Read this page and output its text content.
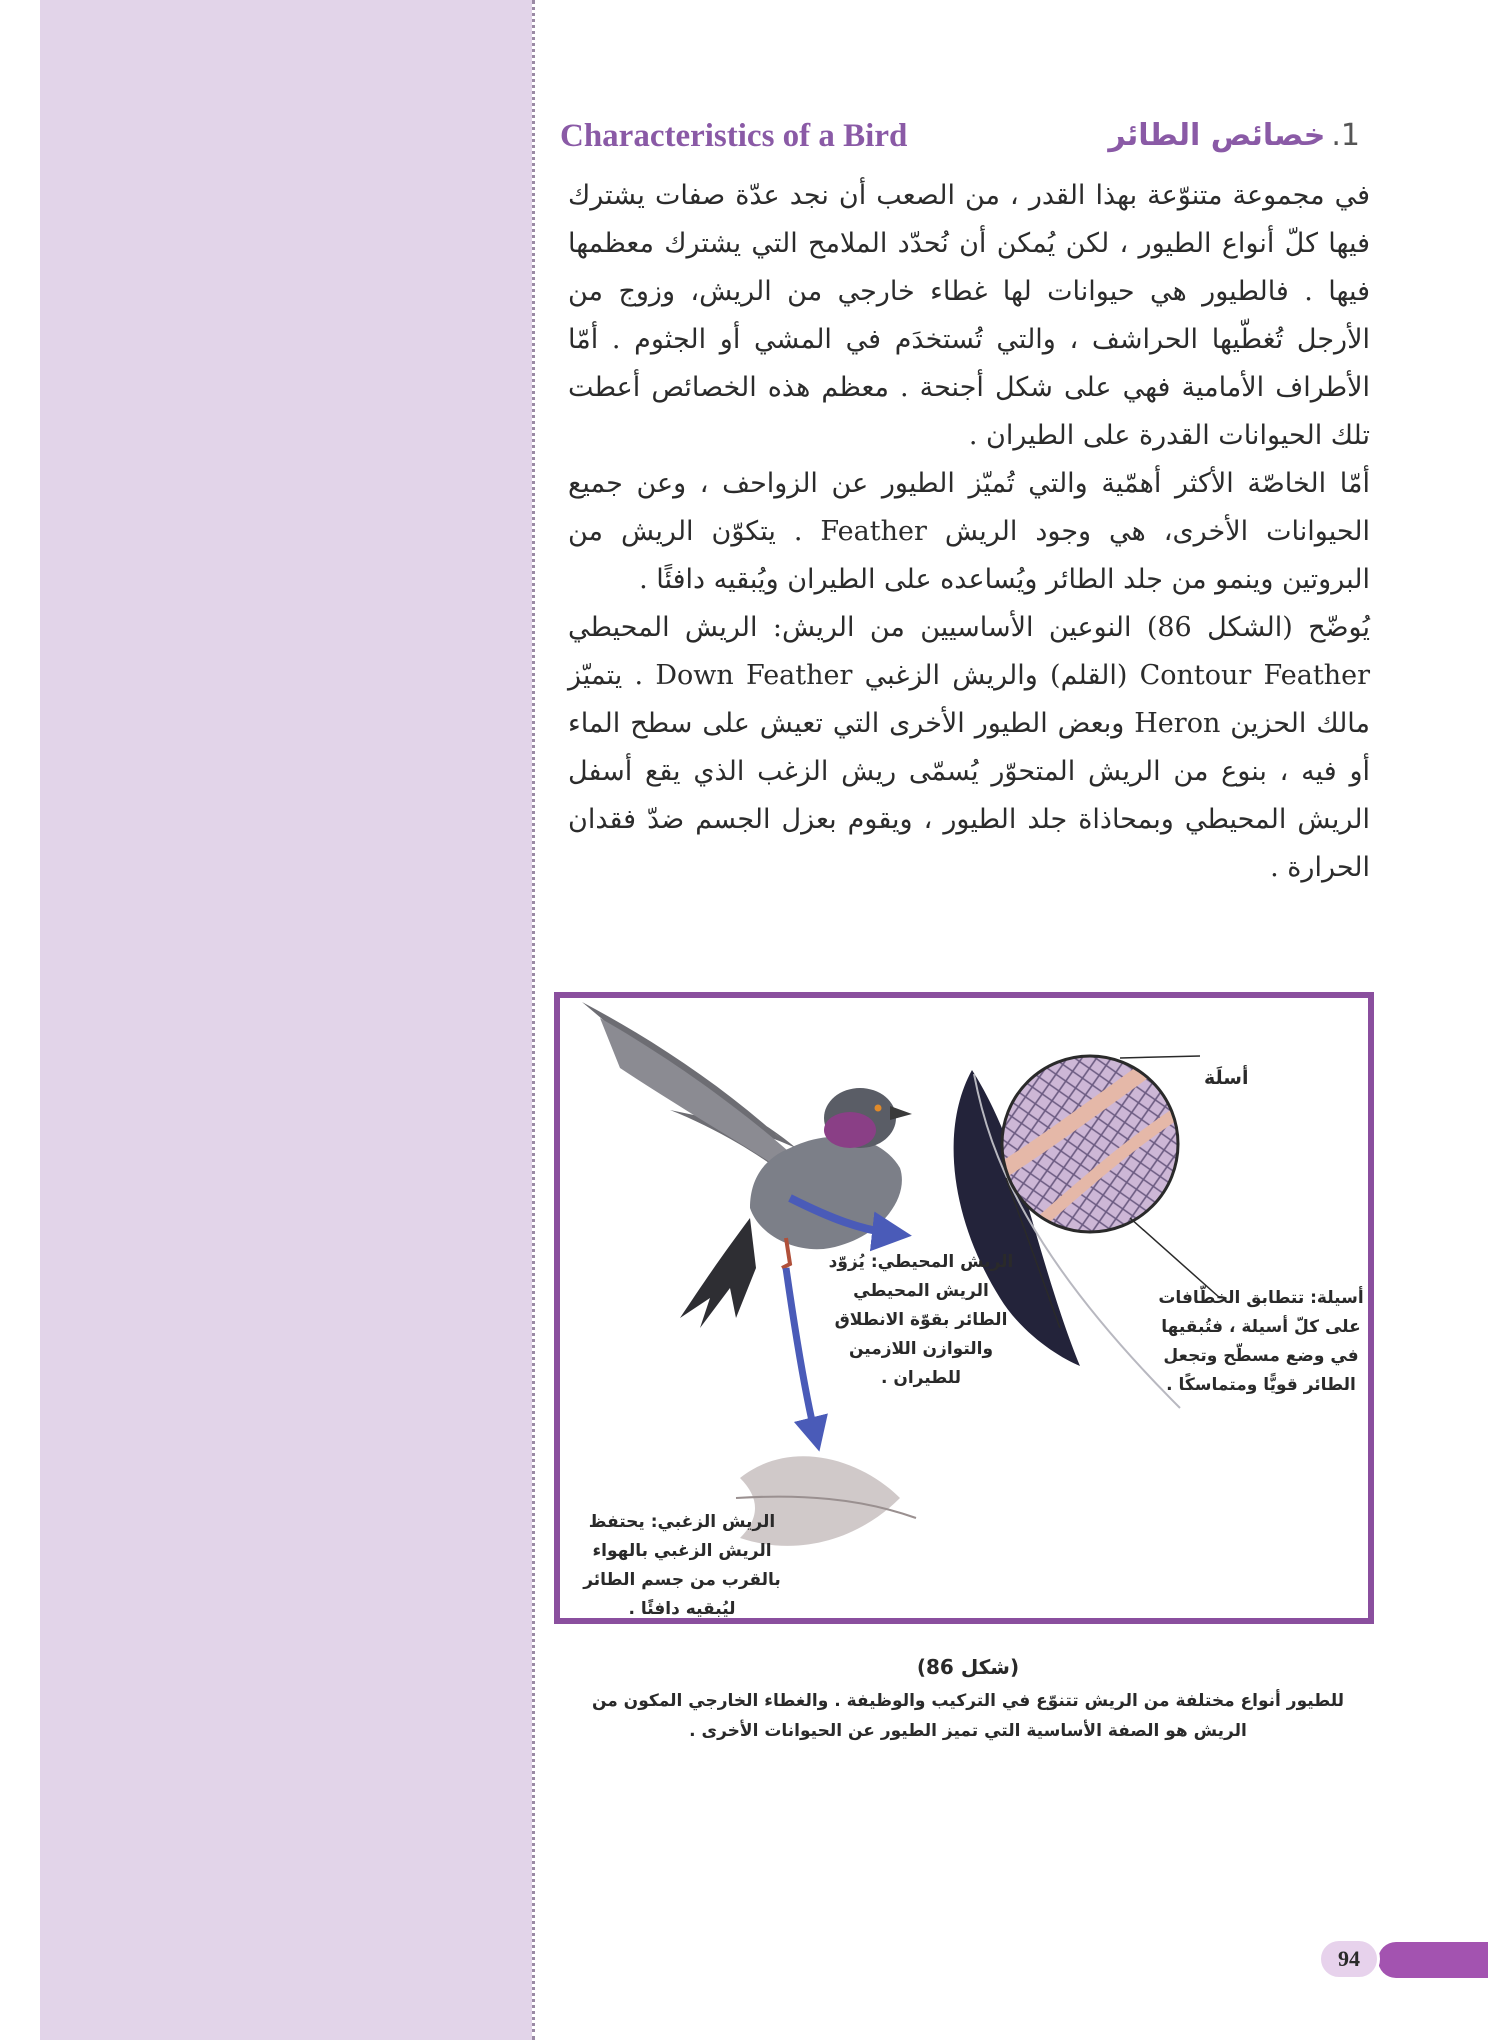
Characteristics of a Bird	1.خصائص الطائر

في مجموعة متنوّعة بهذا القدر ، من الصعب أن نجد عدّة صفات يشترك فيها كلّ أنواع الطيور ، لكن يُمكن أن نُحدّد الملامح التي يشترك معظمها فيها . فالطيور هي حيوانات لها غطاء خارجي من الريش، وزوج من الأرجل تُغطّيها الحراشف ، والتي تُستخدَم في المشي أو الجثوم . أمّا الأطراف الأمامية فهي على شكل أجنحة . معظم هذه الخصائص أعطت تلك الحيوانات القدرة على الطيران .

أمّا الخاصّة الأكثر أهمّية والتي تُميّز الطيور عن الزواحف ، وعن جميع الحيوانات الأخرى، هي وجود الريش Feather . يتكوّن الريش من البروتين وينمو من جلد الطائر ويُساعده على الطيران ويُبقيه دافئًا .

يُوضّح (الشكل 86) النوعين الأساسيين من الريش: الريش المحيطي Contour Feather (القلم) والريش الزغبي Down Feather . يتميّز مالك الحزين Heron وبعض الطيور الأخرى التي تعيش على سطح الماء أو فيه ، بنوع من الريش المتحوّر يُسمّى ريش الزغب الذي يقع أسفل الريش المحيطي وبمحاذاة جلد الطيور ، ويقوم بعزل الجسم ضدّ فقدان الحرارة .

أسلَة
الريش المحيطي: يُزوّد الريش المحيطي الطائر بقوّة الانطلاق والتوازن اللازمين للطيران .
أسيلة: تتطابق الخطّافات على كلّ أسيلة ، فتُبقيها في وضع مسطّح وتجعل الطائر قويًّا ومتماسكًا .
الريش الزغبي: يحتفظ الريش الزغبي بالهواء بالقرب من جسم الطائر ليُبقيه دافئًا .
(شكل 86)
للطيور أنواع مختلفة من الريش تتنوّع في التركيب والوظيفة . والغطاء الخارجي المكون من الريش هو الصفة الأساسية التي تميز الطيور عن الحيوانات الأخرى .
94
